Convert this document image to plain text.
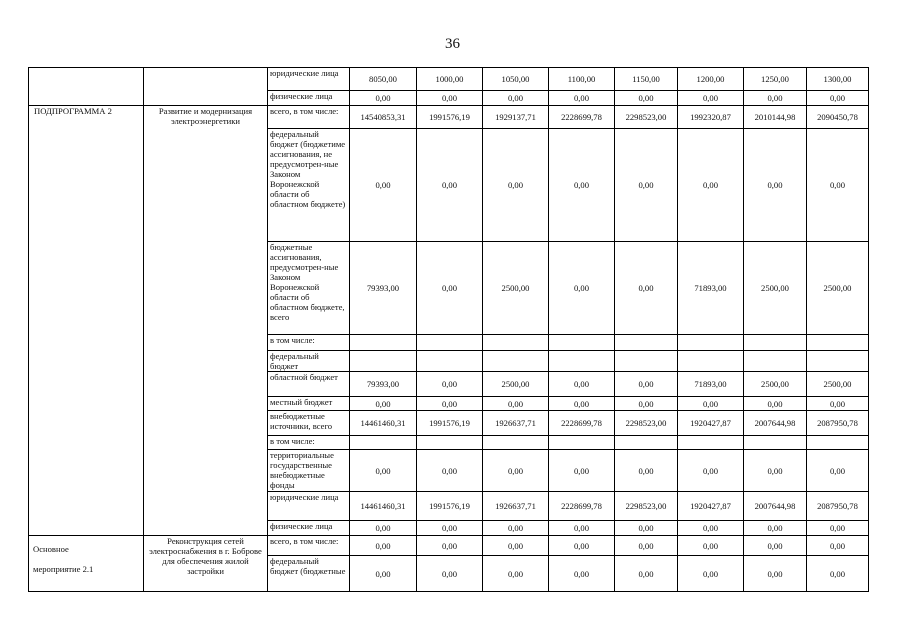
36
		юридические лица	8050,00	1000,00	1050,00	1100,00	1150,00	1200,00	1250,00	1300,00
		физические лица	0,00	0,00	0,00	0,00	0,00	0,00	0,00	0,00

ПОДПРОГРАММА 2	Развитие и модернизация электроэнергетики	всего, в том числе:	14540853,31	1991576,19	1929137,71	2228699,78	2298523,00	1992320,87	2010144,98	2090450,78
		федеральный бюджет (бюджетиме ассигнования, не предусмотрен-ные Законом Воронежской области об областном бюджете)	0,00	0,00	0,00	0,00	0,00	0,00	0,00	0,00
		бюджетные ассигнования, предусмотрен-ные Законом Воронежской области об областном бюджете, всего	79393,00	0,00	2500,00	0,00	0,00	71893,00	2500,00	2500,00
		в том числе:								
		федеральный бюджет								
		областной бюджет	79393,00	0,00	2500,00	0,00	0,00	71893,00	2500,00	2500,00
		местный бюджет	0,00	0,00	0,00	0,00	0,00	0,00	0,00	0,00
		внебюджетные источники, всего	14461460,31	1991576,19	1926637,71	2228699,78	2298523,00	1920427,87	2007644,98	2087950,78
		в том числе:								
		территориальные государственные внебюджетные фонды	0,00	0,00	0,00	0,00	0,00	0,00	0,00	0,00
		юридические лица	14461460,31	1991576,19	1926637,71	2228699,78	2298523,00	1920427,87	2007644,98	2087950,78
		физические лица	0,00	0,00	0,00	0,00	0,00	0,00	0,00	0,00

Основное
мероприятие 2.1	Реконструкция сетей электроснабжения в г. Боброве для обеспечения жилой застройки	всего, в том числе:	0,00	0,00	0,00	0,00	0,00	0,00	0,00	0,00
		федеральный бюджет (бюджетные	0,00	0,00	0,00	0,00	0,00	0,00	0,00	0,00
